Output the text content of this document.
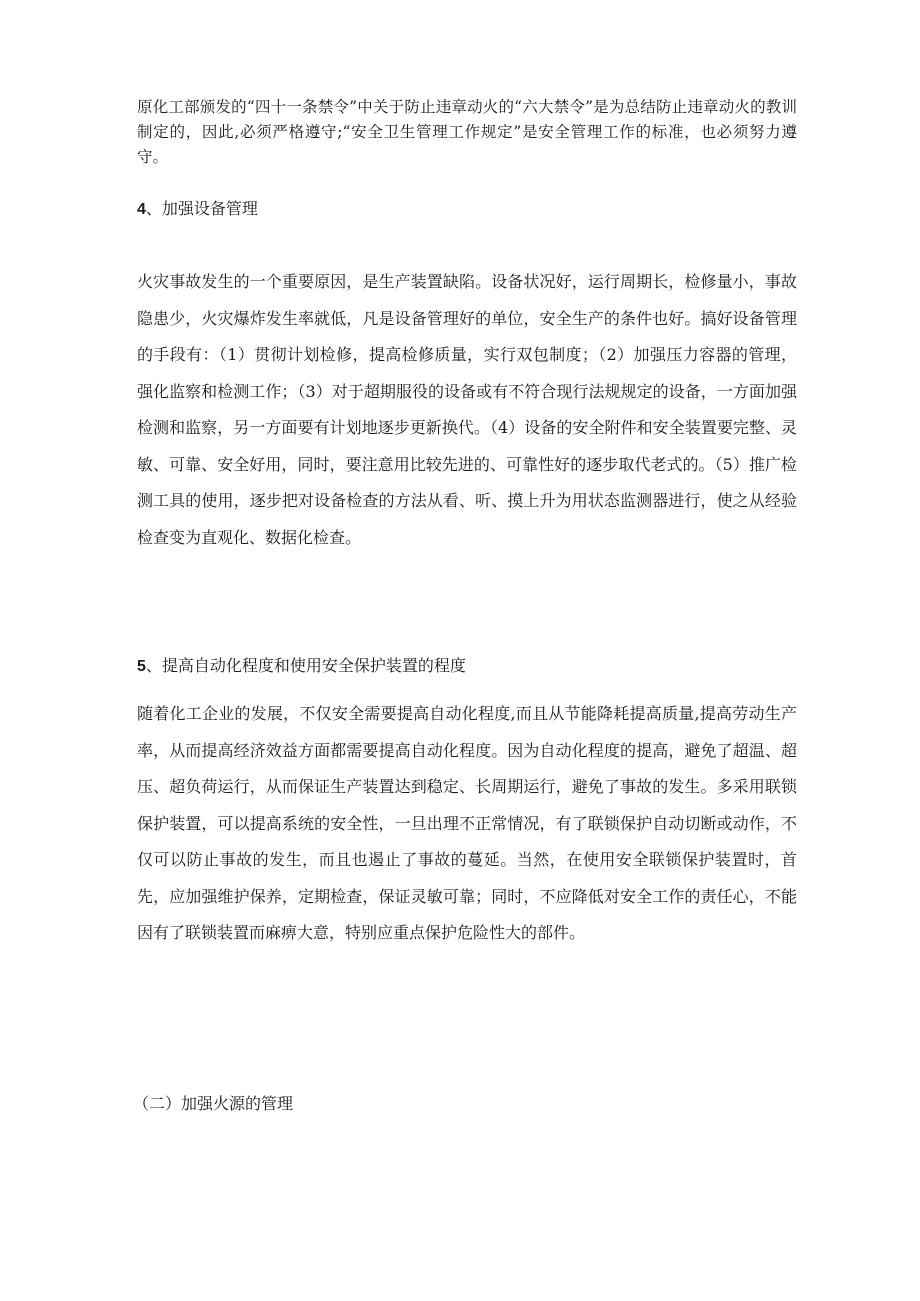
原化工部颁发的“四十一条禁令”中关于防止违章动火的“六大禁令”是为总结防止违章动火的教训制定的，因此,必须严格遵守;“安全卫生管理工作规定”是安全管理工作的标准，也必须努力遵守。

4、加强设备管理

火灾事故发生的一个重要原因，是生产装置缺陷。设备状况好，运行周期长，检修量小，事故隐患少，火灾爆炸发生率就低，凡是设备管理好的单位，安全生产的条件也好。搞好设备管理的手段有：（1）贯彻计划检修，提高检修质量，实行双包制度；（2）加强压力容器的管理，强化监察和检测工作；（3）对于超期服役的设备或有不符合现行法规规定的设备，一方面加强检测和监察，另一方面要有计划地逐步更新换代。（4）设备的安全附件和安全装置要完整、灵敏、可靠、安全好用，同时，要注意用比较先进的、可靠性好的逐步取代老式的。（5）推广检测工具的使用，逐步把对设备检查的方法从看、听、摸上升为用状态监测器进行，使之从经验检查变为直观化、数据化检查。

5、提高自动化程度和使用安全保护装置的程度

随着化工企业的发展，不仅安全需要提高自动化程度,而且从节能降耗提高质量,提高劳动生产率，从而提高经济效益方面都需要提高自动化程度。因为自动化程度的提高，避免了超温、超压、超负荷运行，从而保证生产装置达到稳定、长周期运行，避免了事故的发生。多采用联锁保护装置，可以提高系统的安全性，一旦出理不正常情况，有了联锁保护自动切断或动作，不仅可以防止事故的发生，而且也遏止了事故的蔓延。当然，在使用安全联锁保护装置时，首先，应加强维护保养，定期检查，保证灵敏可靠；同时，不应降低对安全工作的责任心，不能因有了联锁装置而麻痹大意，特别应重点保护危险性大的部件。

（二）加强火源的管理
